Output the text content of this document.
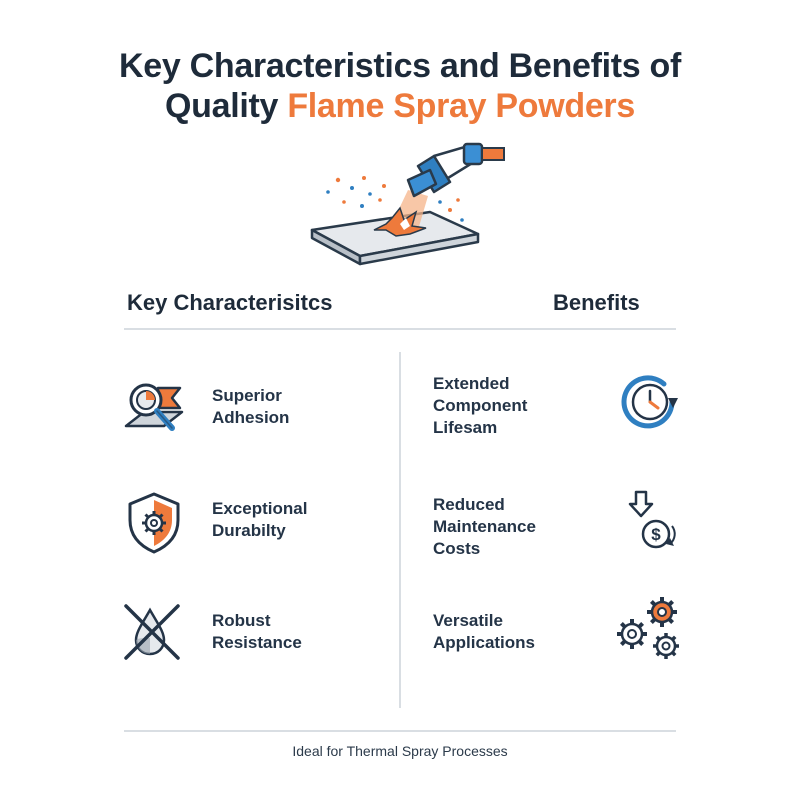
Key Characteristics and Benefits of
Quality Flame Spray Powders
Key Characterisitcs	Benefits
Superior
Adhesion
Exceptional
Durabilty
Robust
Resistance
Extended
Component
Lifesam
Reduced
Maintenance
Costs
$
Versatile
Applications
Ideal for Thermal Spray Processes
